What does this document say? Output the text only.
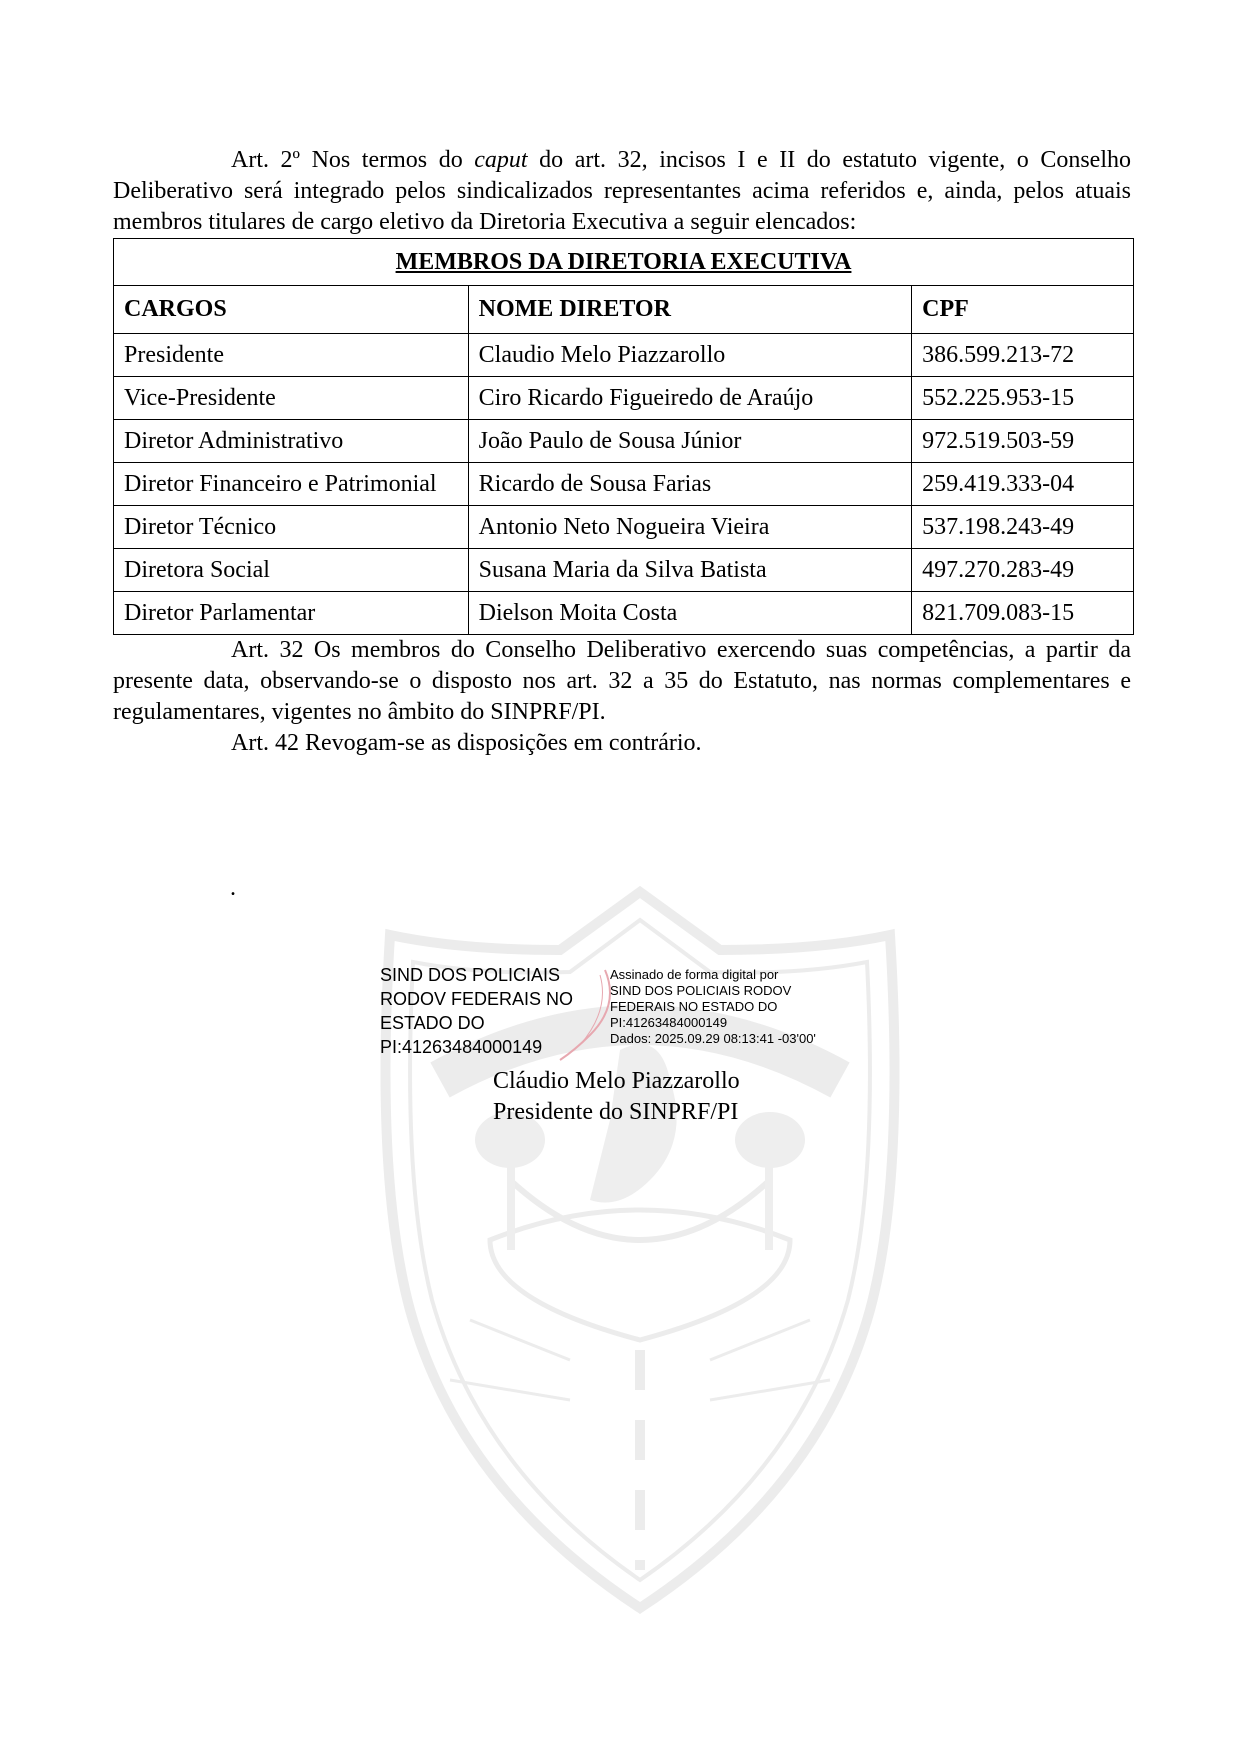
Art. 2º Nos termos do caput do art. 32, incisos I e II do estatuto vigente, o Conselho Deliberativo será integrado pelos sindicalizados representantes acima referidos e, ainda, pelos atuais membros titulares de cargo eletivo da Diretoria Executiva a seguir elencados:

MEMBROS DA DIRETORIA EXECUTIVA		
CARGOS	NOME DIRETOR	CPF
Presidente	Claudio Melo Piazzarollo	386.599.213-72
Vice-Presidente	Ciro Ricardo Figueiredo de Araújo	552.225.953-15
Diretor Administrativo	João Paulo de Sousa Júnior	972.519.503-59
Diretor Financeiro e Patrimonial	Ricardo de Sousa Farias	259.419.333-04
Diretor Técnico	Antonio Neto Nogueira Vieira	537.198.243-49
Diretora Social	Susana Maria da Silva Batista	497.270.283-49
Diretor Parlamentar	Dielson Moita Costa	821.709.083-15

Art. 32 Os membros do Conselho Deliberativo exercendo suas competências, a partir da presente data, observando-se o disposto nos art. 32 a 35 do Estatuto, nas normas complementares e regulamentares, vigentes no âmbito do SINPRF/PI.

Art. 42 Revogam-se as disposições em contrário.

.
SIND DOS POLICIAIS
RODOV FEDERAIS NO
ESTADO DO
PI:41263484000149
Assinado de forma digital por
SIND DOS POLICIAIS RODOV
FEDERAIS NO ESTADO DO
PI:41263484000149
Dados: 2025.09.29 08:13:41 -03'00'
Cláudio Melo Piazzarollo
Presidente do SINPRF/PI
